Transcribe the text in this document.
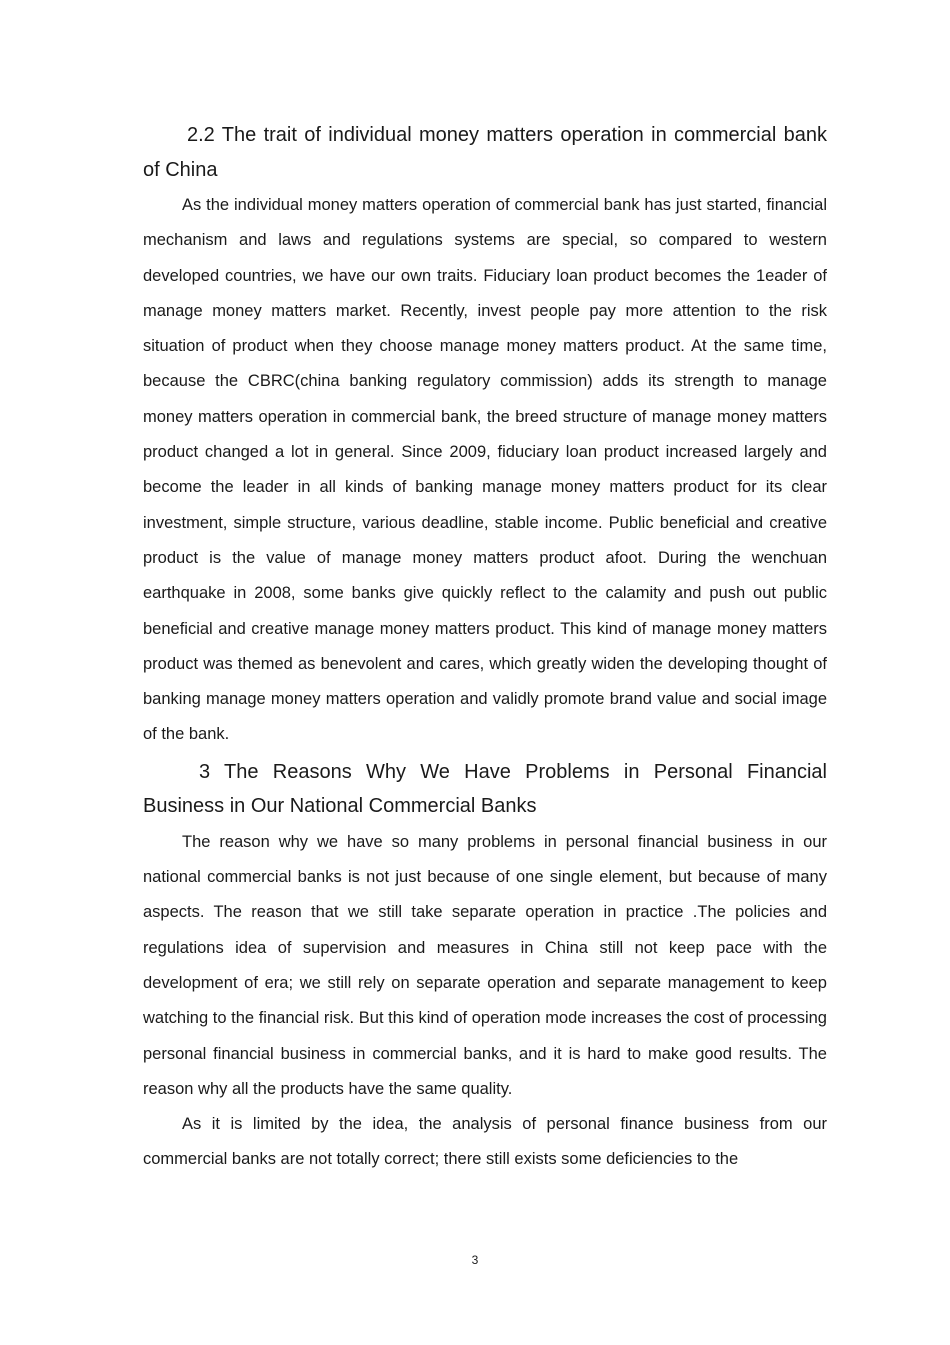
2.2 The trait of individual money matters operation in commercial bank of China

As the individual money matters operation of commercial bank has just started, financial mechanism and laws and regulations systems are special, so compared to western developed countries, we have our own traits. Fiduciary loan product becomes the 1eader of manage money matters market. Recently, invest people pay more attention to the risk situation of product when they choose manage money matters product. At the same time, because the CBRC(china banking regulatory commission) adds its strength to manage money matters operation in commercial bank, the breed structure of manage money matters product changed a lot in general. Since 2009, fiduciary loan product increased largely and become the leader in all kinds of banking manage money matters product for its clear investment, simple structure, various deadline, stable income. Public beneficial and creative product is the value of manage money matters product afoot. During the wenchuan earthquake in 2008, some banks give quickly reflect to the calamity and push out public beneficial and creative manage money matters product. This kind of manage money matters product was themed as benevolent and cares, which greatly widen the developing thought of banking manage money matters operation and validly promote brand value and social image of the bank.

3 The Reasons Why We Have Problems in Personal Financial Business in Our National Commercial Banks

The reason why we have so many problems in personal financial business in our national commercial banks is not just because of one single element, but because of many aspects. The reason that we still take separate operation in practice .The policies and regulations idea of supervision and measures in China still not keep pace with the development of era; we still rely on separate operation and separate management to keep watching to the financial risk. But this kind of operation mode increases the cost of processing personal financial business in commercial banks, and it is hard to make good results. The reason why all the products have the same quality.

As it is limited by the idea, the analysis of personal finance business from our commercial banks are not totally correct; there still exists some deficiencies to the

3
